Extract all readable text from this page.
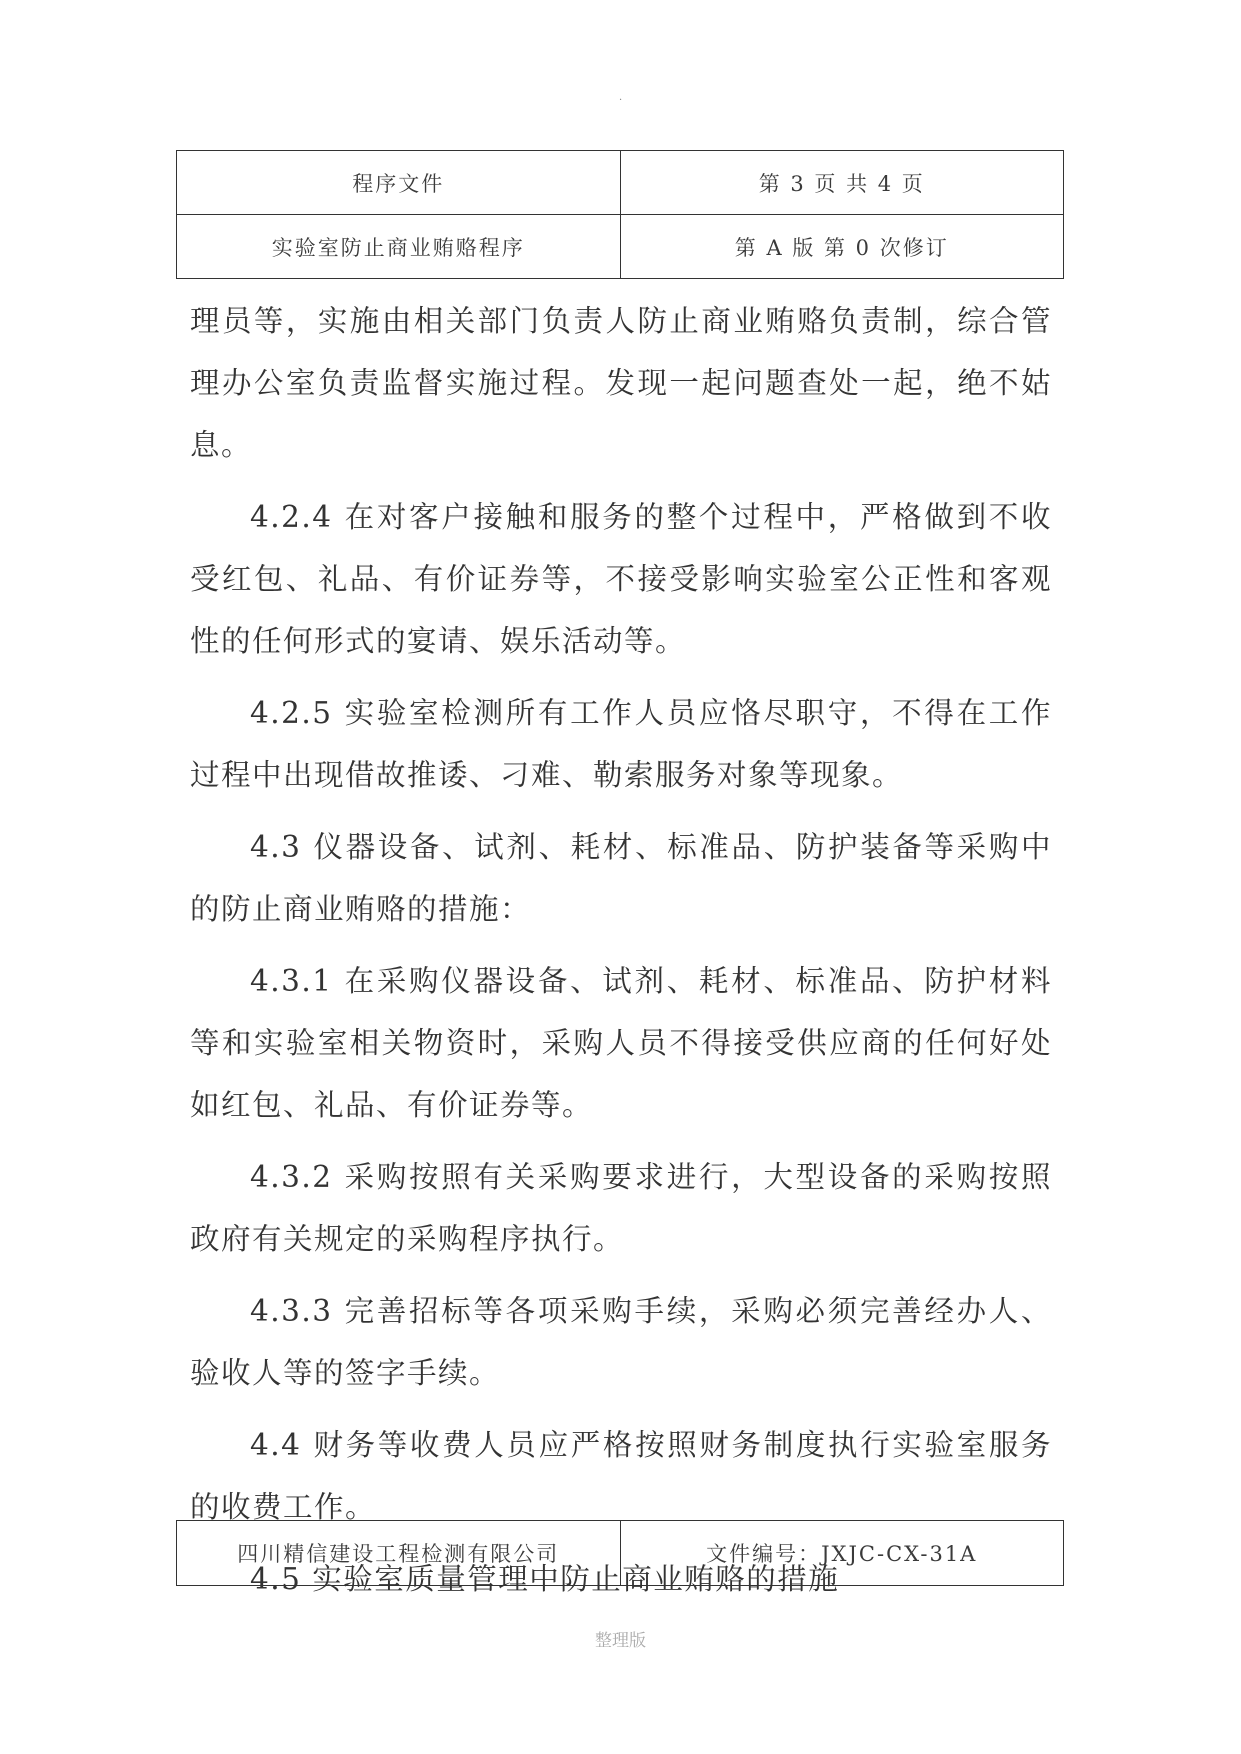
·
程序文件	第 3 页 共 4 页
实验室防止商业贿赂程序	第 A 版 第 0 次修订

理员等，实施由相关部门负责人防止商业贿赂负责制，综合管理办公室负责监督实施过程。发现一起问题查处一起，绝不姑息。

4.2.4 在对客户接触和服务的整个过程中，严格做到不收受红包、礼品、有价证券等，不接受影响实验室公正性和客观性的任何形式的宴请、娱乐活动等。

4.2.5 实验室检测所有工作人员应恪尽职守，不得在工作过程中出现借故推诿、刁难、勒索服务对象等现象。

4.3 仪器设备、试剂、耗材、标准品、防护装备等采购中的防止商业贿赂的措施：

4.3.1 在采购仪器设备、试剂、耗材、标准品、防护材料等和实验室相关物资时，采购人员不得接受供应商的任何好处如红包、礼品、有价证券等。

4.3.2 采购按照有关采购要求进行，大型设备的采购按照政府有关规定的采购程序执行。

4.3.3 完善招标等各项采购手续，采购必须完善经办人、验收人等的签字手续。

4.4 财务等收费人员应严格按照财务制度执行实验室服务的收费工作。

4.5 实验室质量管理中防止商业贿赂的措施

四川精信建设工程检测有限公司	文件编号：JXJC-CX-31A
整理版
